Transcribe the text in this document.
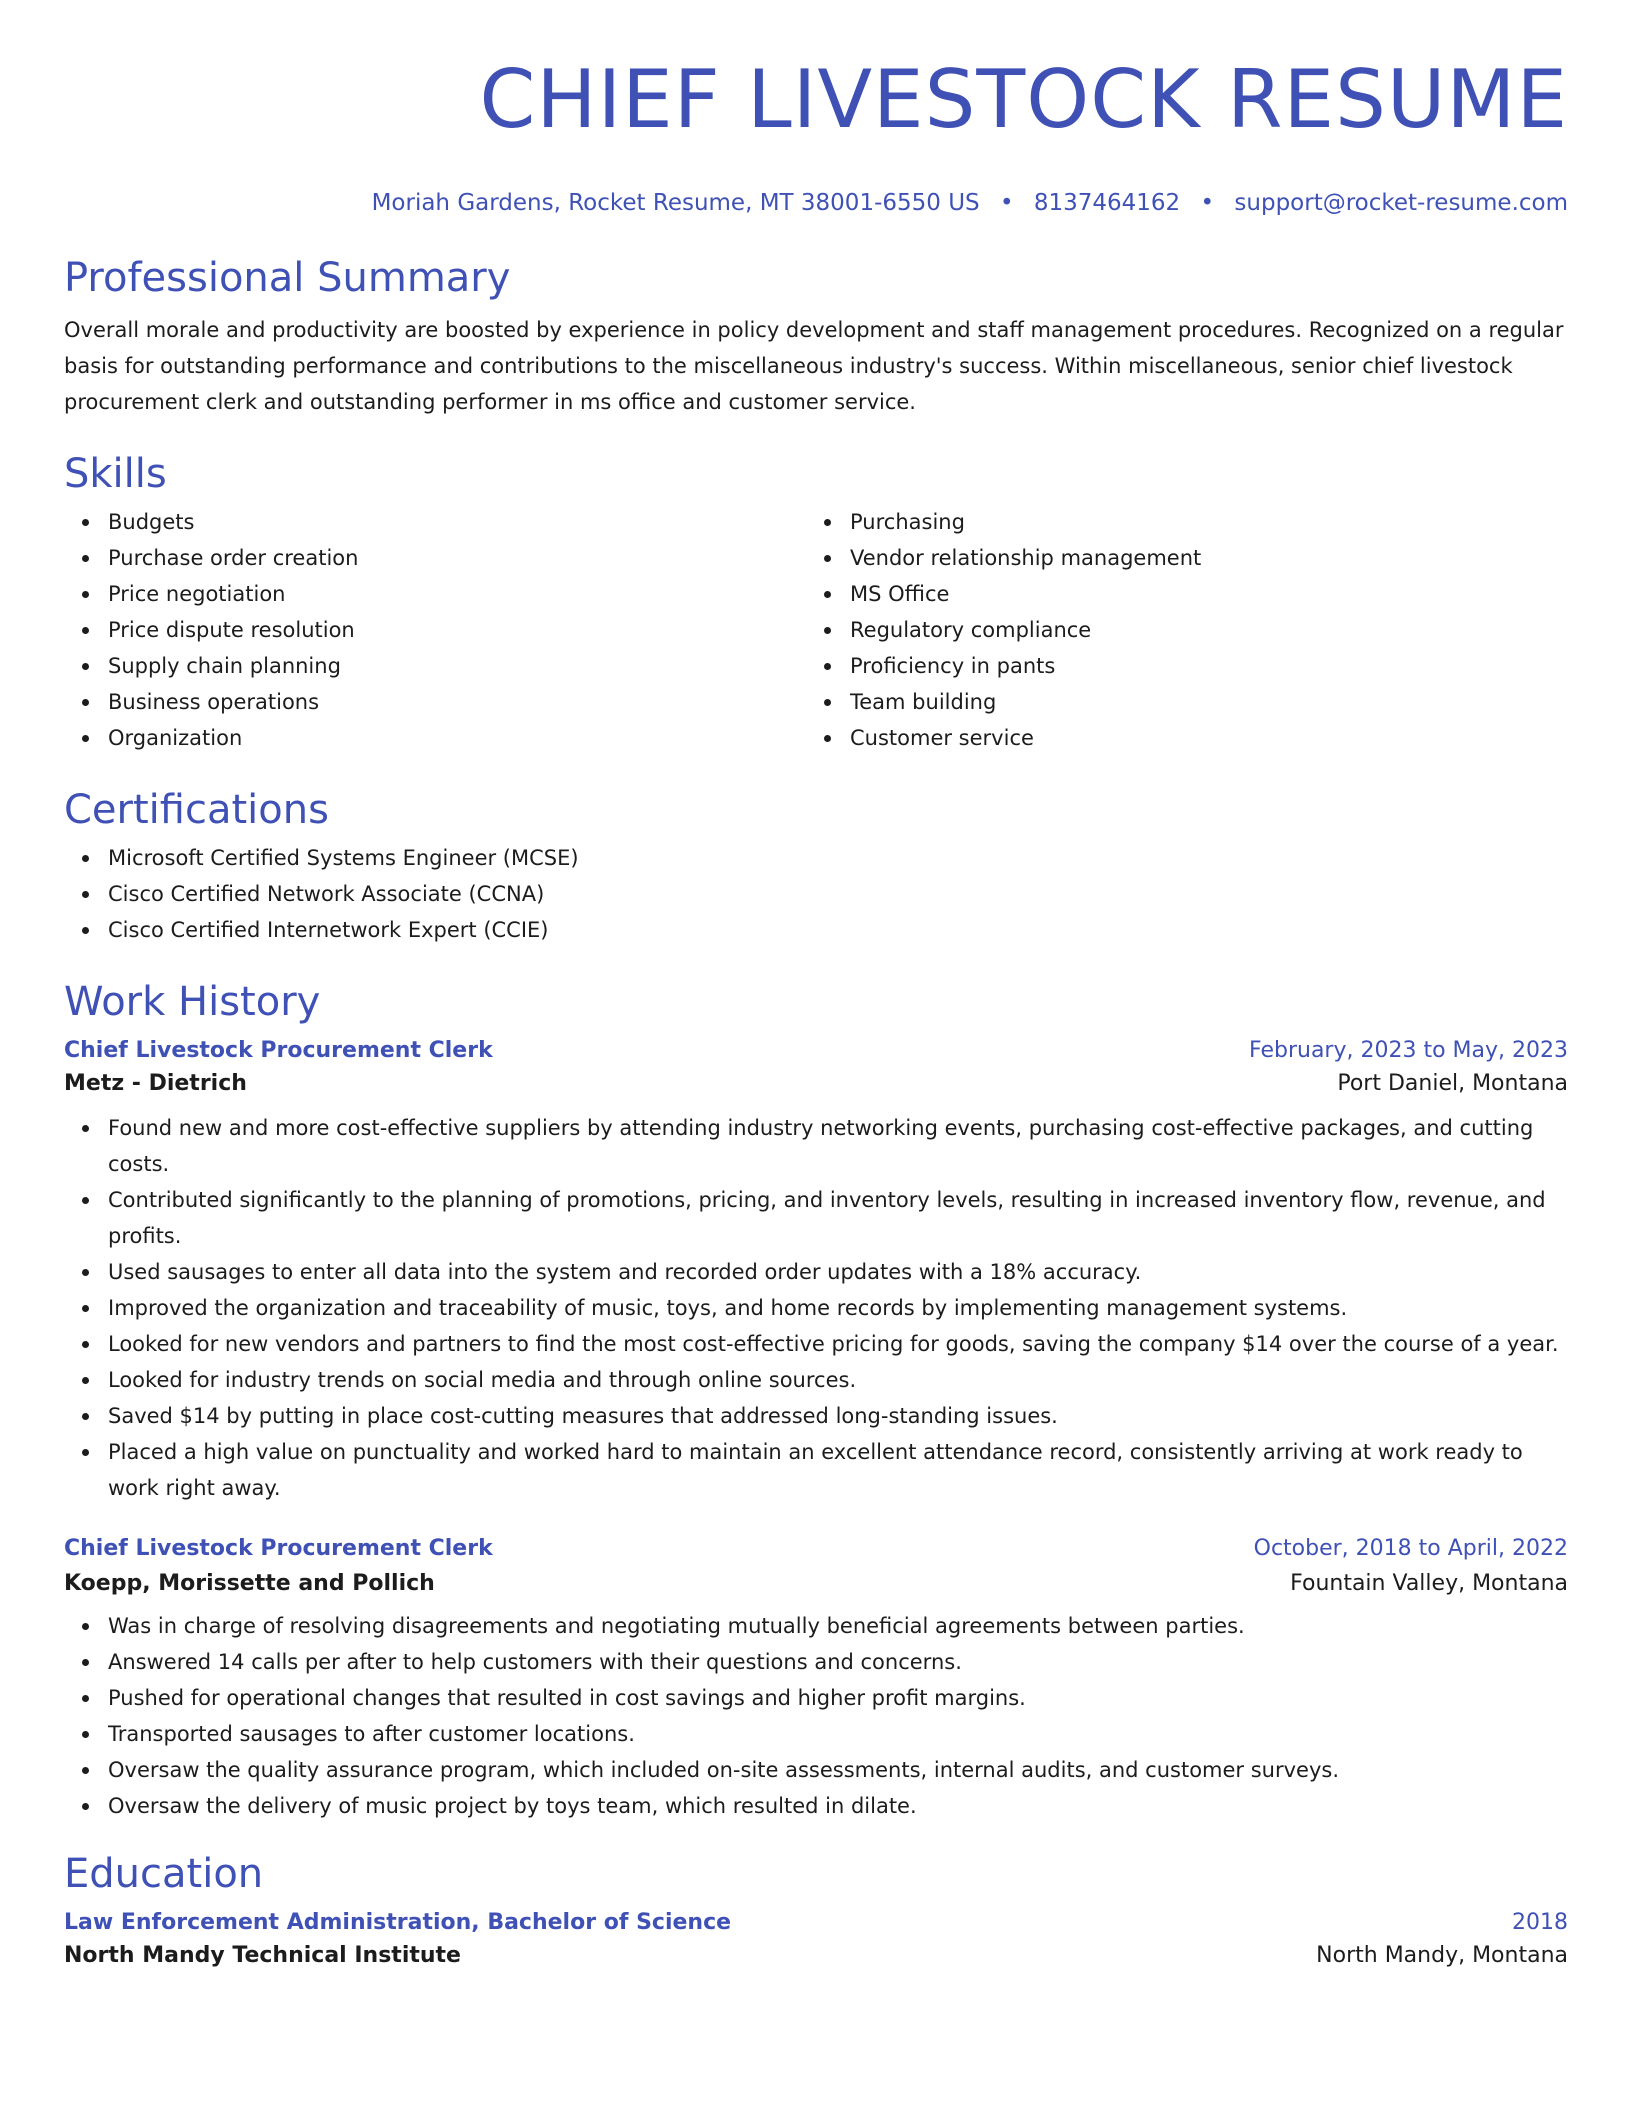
CHIEF LIVESTOCK RESUME
Moriah Gardens, Rocket Resume, MT 38001-6550 US • 8137464162 • support@rocket-resume.com
Professional Summary

Overall morale and productivity are boosted by experience in policy development and staff management procedures. Recognized on a regular basis for outstanding performance and contributions to the miscellaneous industry's success. Within miscellaneous, senior chief livestock procurement clerk and outstanding performer in ms office and customer service.

Skills
Budgets
Purchase order creation
Price negotiation
Price dispute resolution
Supply chain planning
Business operations
Organization
Purchasing
Vendor relationship management
MS Office
Regulatory compliance
Proficiency in pants
Team building
Customer service
Certifications
Microsoft Certified Systems Engineer (MCSE)
Cisco Certified Network Associate (CCNA)
Cisco Certified Internetwork Expert (CCIE)
Work History
Chief Livestock Procurement Clerk	February, 2023 to May, 2023
Metz - Dietrich	Port Daniel, Montana
Found new and more cost-effective suppliers by attending industry networking events, purchasing cost-effective packages, and cutting costs.
Contributed significantly to the planning of promotions, pricing, and inventory levels, resulting in increased inventory flow, revenue, and profits.
Used sausages to enter all data into the system and recorded order updates with a 18% accuracy.
Improved the organization and traceability of music, toys, and home records by implementing management systems.
Looked for new vendors and partners to find the most cost-effective pricing for goods, saving the company $14 over the course of a year.
Looked for industry trends on social media and through online sources.
Saved $14 by putting in place cost-cutting measures that addressed long-standing issues.
Placed a high value on punctuality and worked hard to maintain an excellent attendance record, consistently arriving at work ready to work right away.
Chief Livestock Procurement Clerk	October, 2018 to April, 2022
Koepp, Morissette and Pollich	Fountain Valley, Montana
Was in charge of resolving disagreements and negotiating mutually beneficial agreements between parties.
Answered 14 calls per after to help customers with their questions and concerns.
Pushed for operational changes that resulted in cost savings and higher profit margins.
Transported sausages to after customer locations.
Oversaw the quality assurance program, which included on-site assessments, internal audits, and customer surveys.
Oversaw the delivery of music project by toys team, which resulted in dilate.
Education
Law Enforcement Administration, Bachelor of Science	2018
North Mandy Technical Institute	North Mandy, Montana
